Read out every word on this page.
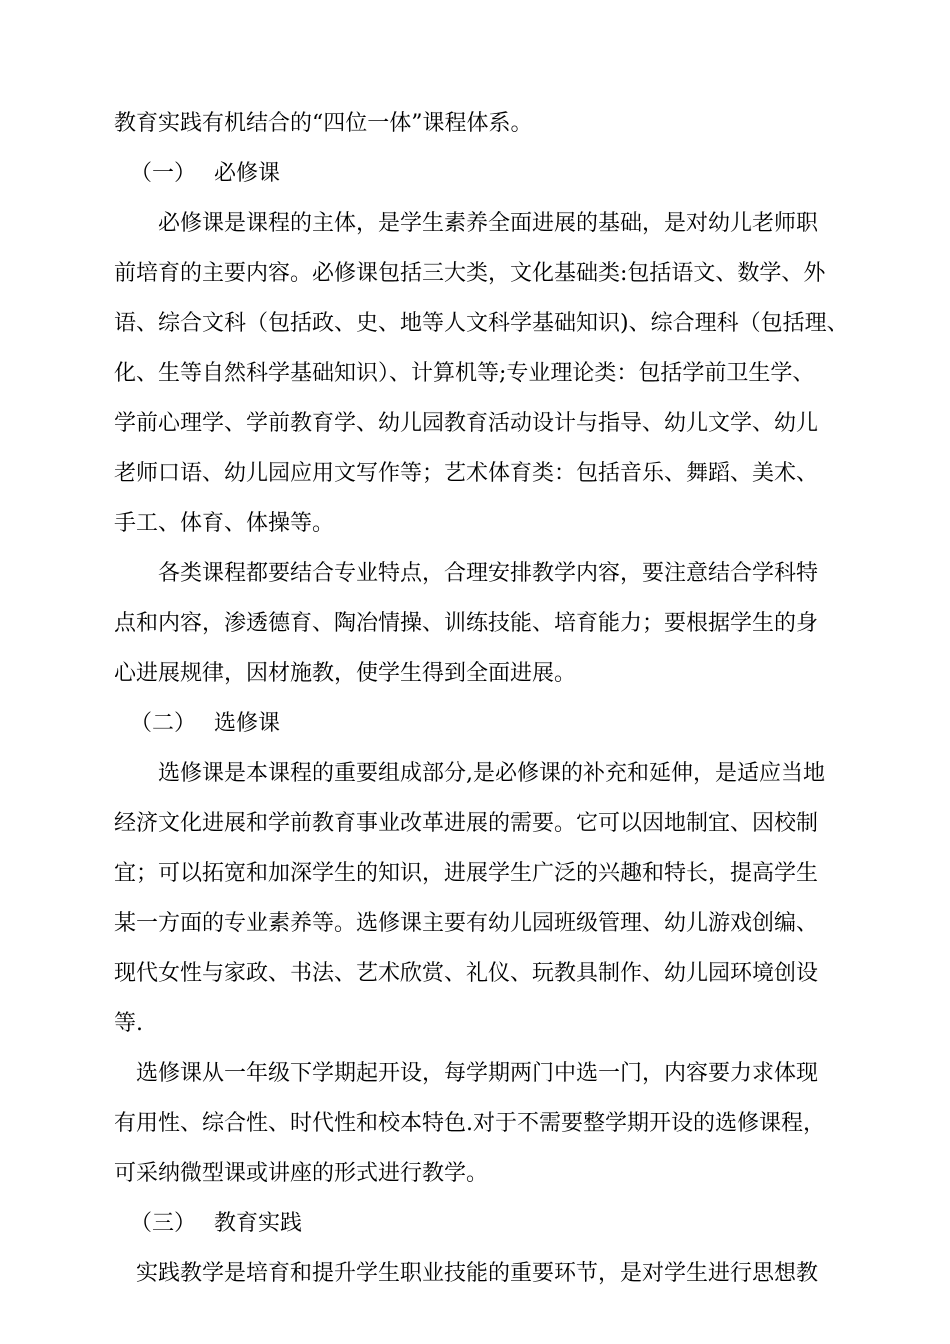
教育实践有机结合的“四位一体”课程体系。

（一） 必修课

必修课是课程的主体，是学生素养全面进展的基础，是对幼儿老师职

前培育的主要内容。必修课包括三大类，文化基础类:包括语文、数学、外

语、综合文科（包括政、史、地等人文科学基础知识)、综合理科（包括理、

化、生等自然科学基础知识）、计算机等;专业理论类：包括学前卫生学、

学前心理学、学前教育学、幼儿园教育活动设计与指导、幼儿文学、幼儿

老师口语、幼儿园应用文写作等；艺术体育类：包括音乐、舞蹈、美术、

手工、体育、体操等。

各类课程都要结合专业特点，合理安排教学内容，要注意结合学科特

点和内容，渗透德育、陶冶情操、训练技能、培育能力；要根据学生的身

心进展规律，因材施教，使学生得到全面进展。

（二） 选修课

选修课是本课程的重要组成部分,是必修课的补充和延伸，是适应当地

经济文化进展和学前教育事业改革进展的需要。它可以因地制宜、因校制

宜；可以拓宽和加深学生的知识，进展学生广泛的兴趣和特长，提高学生

某一方面的专业素养等。选修课主要有幼儿园班级管理、幼儿游戏创编、

现代女性与家政、书法、艺术欣赏、礼仪、玩教具制作、幼儿园环境创设

等.

选修课从一年级下学期起开设，每学期两门中选一门，内容要力求体现

有用性、综合性、时代性和校本特色.对于不需要整学期开设的选修课程，

可采纳微型课或讲座的形式进行教学。

（三） 教育实践

实践教学是培育和提升学生职业技能的重要环节，是对学生进行思想教
